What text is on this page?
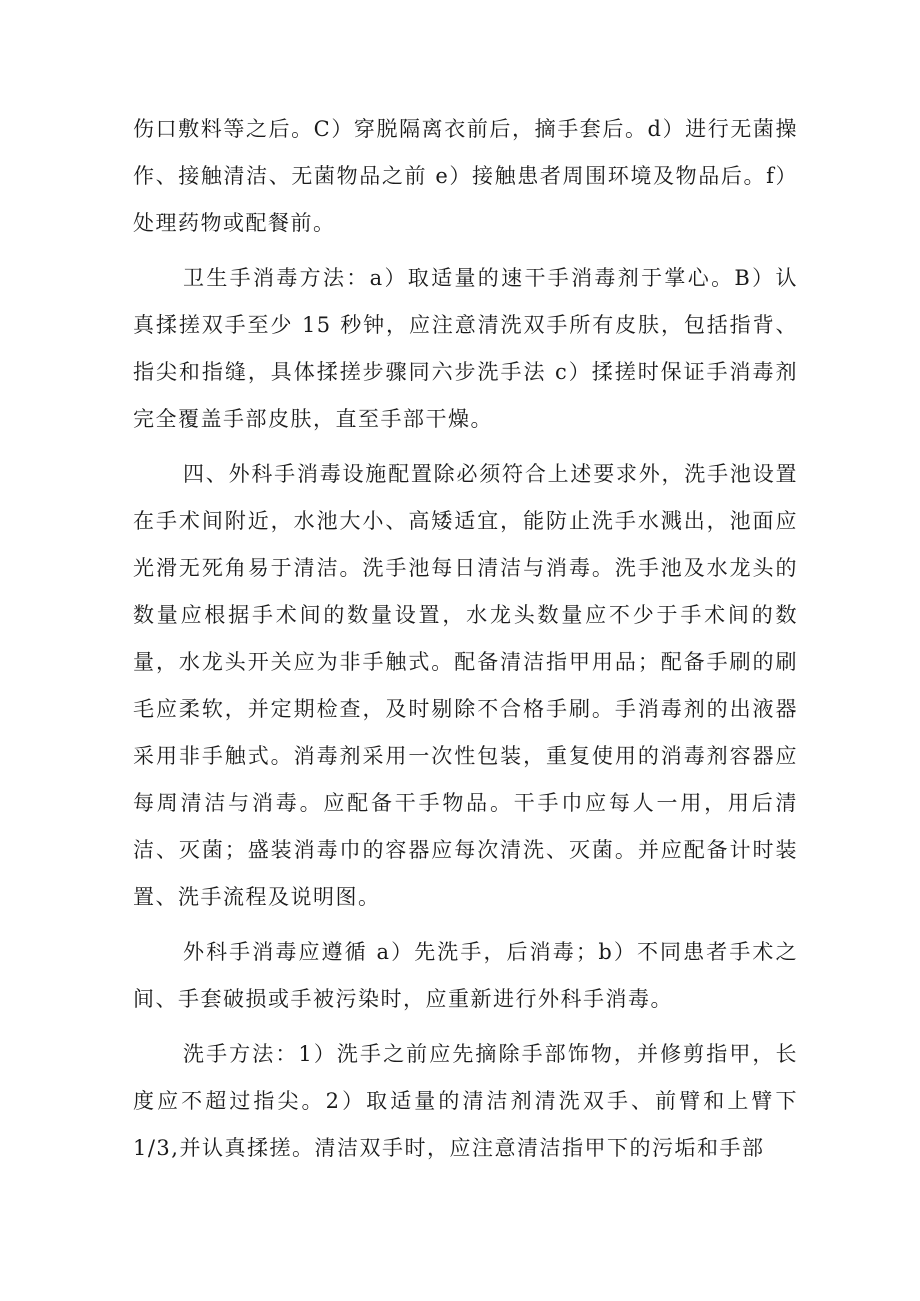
伤口敷料等之后。C）穿脱隔离衣前后，摘手套后。d）进行无菌操作、接触清洁、无菌物品之前 e）接触患者周围环境及物品后。f）处理药物或配餐前。

卫生手消毒方法：a）取适量的速干手消毒剂于掌心。B）认真揉搓双手至少 15 秒钟，应注意清洗双手所有皮肤，包括指背、指尖和指缝，具体揉搓步骤同六步洗手法 c）揉搓时保证手消毒剂完全覆盖手部皮肤，直至手部干燥。

四、外科手消毒设施配置除必须符合上述要求外，洗手池设置在手术间附近，水池大小、高矮适宜，能防止洗手水溅出，池面应光滑无死角易于清洁。洗手池每日清洁与消毒。洗手池及水龙头的数量应根据手术间的数量设置，水龙头数量应不少于手术间的数量，水龙头开关应为非手触式。配备清洁指甲用品；配备手刷的刷毛应柔软，并定期检查，及时剔除不合格手刷。手消毒剂的出液器采用非手触式。消毒剂采用一次性包装，重复使用的消毒剂容器应每周清洁与消毒。应配备干手物品。干手巾应每人一用，用后清洁、灭菌；盛装消毒巾的容器应每次清洗、灭菌。并应配备计时装置、洗手流程及说明图。

外科手消毒应遵循 a）先洗手，后消毒；b）不同患者手术之间、手套破损或手被污染时，应重新进行外科手消毒。

洗手方法：1）洗手之前应先摘除手部饰物，并修剪指甲，长度应不超过指尖。2）取适量的清洁剂清洗双手、前臂和上臂下1/3,并认真揉搓。清洁双手时，应注意清洁指甲下的污垢和手部
